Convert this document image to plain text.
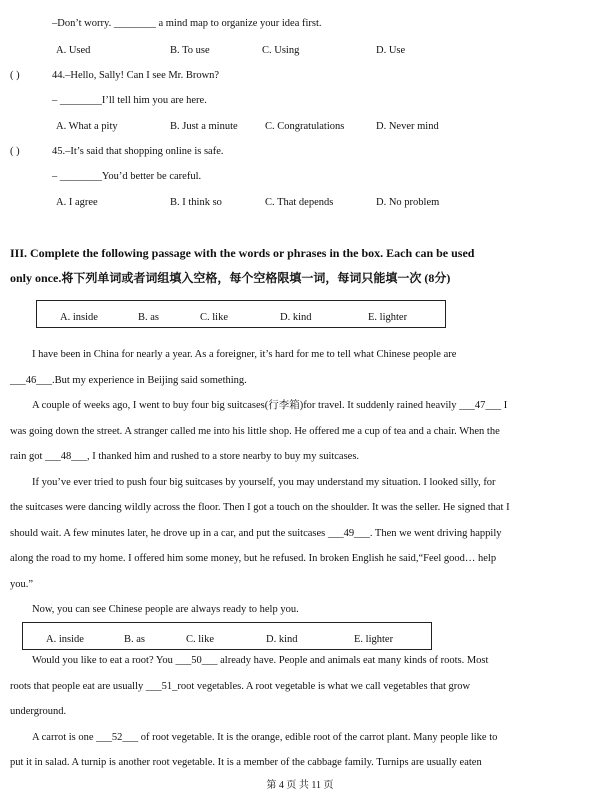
–Don’t worry. ________ a mind map to organize your idea first.
A. Used	B. To use	C. Using	D. Use
( )	44.–Hello, Sally! Can I see Mr. Brown?
– ________I’ll tell him you are here.
A. What a pity	B. Just a minute	C. Congratulations	D. Never mind
( )	45.–It’s said that shopping online is safe.
– ________You’d better be careful.
A. I agree	B. I think so	C. That depends	D. No problem
III. Complete the following passage with the words or phrases in the box. Each can be used
only once.将下列单词或者词组填入空格，每个空格限填一词，每词只能填一次 (8分)
A. inside	B. as	C. like	D. kind	E. lighter
I have been in China for nearly a year. As a foreigner, it’s hard for me to tell what Chinese people are
___46___.But my experience in Beijing said something.
A couple of weeks ago, I went to buy four big suitcases(行李箱)for travel. It suddenly rained heavily ___47___ I
was going down the street. A stranger called me into his little shop. He offered me a cup of tea and a chair. When the
rain got ___48___, I thanked him and rushed to a store nearby to buy my suitcases.
If you’ve ever tried to push four big suitcases by yourself, you may understand my situation. I looked silly, for
the suitcases were dancing wildly across the floor. Then I got a touch on the shoulder. It was the seller. He signed that I
should wait. A few minutes later, he drove up in a car, and put the suitcases ___49___. Then we went driving happily
along the road to my home. I offered him some money, but he refused. In broken English he said,“Feel good… help
you.”
Now, you can see Chinese people are always ready to help you.
A. inside	B. as	C. like	D. kind	E. lighter
Would you like to eat a root? You ___50___ already have. People and animals eat many kinds of roots. Most
roots that people eat are usually ___51_root vegetables. A root vegetable is what we call vegetables that grow
underground.
A carrot is one ___52___ of root vegetable. It is the orange, edible root of the carrot plant. Many people like to
put it in salad. A turnip is another root vegetable. It is a member of the cabbage family. Turnips are usually eaten
第 4 页 共 11 页
